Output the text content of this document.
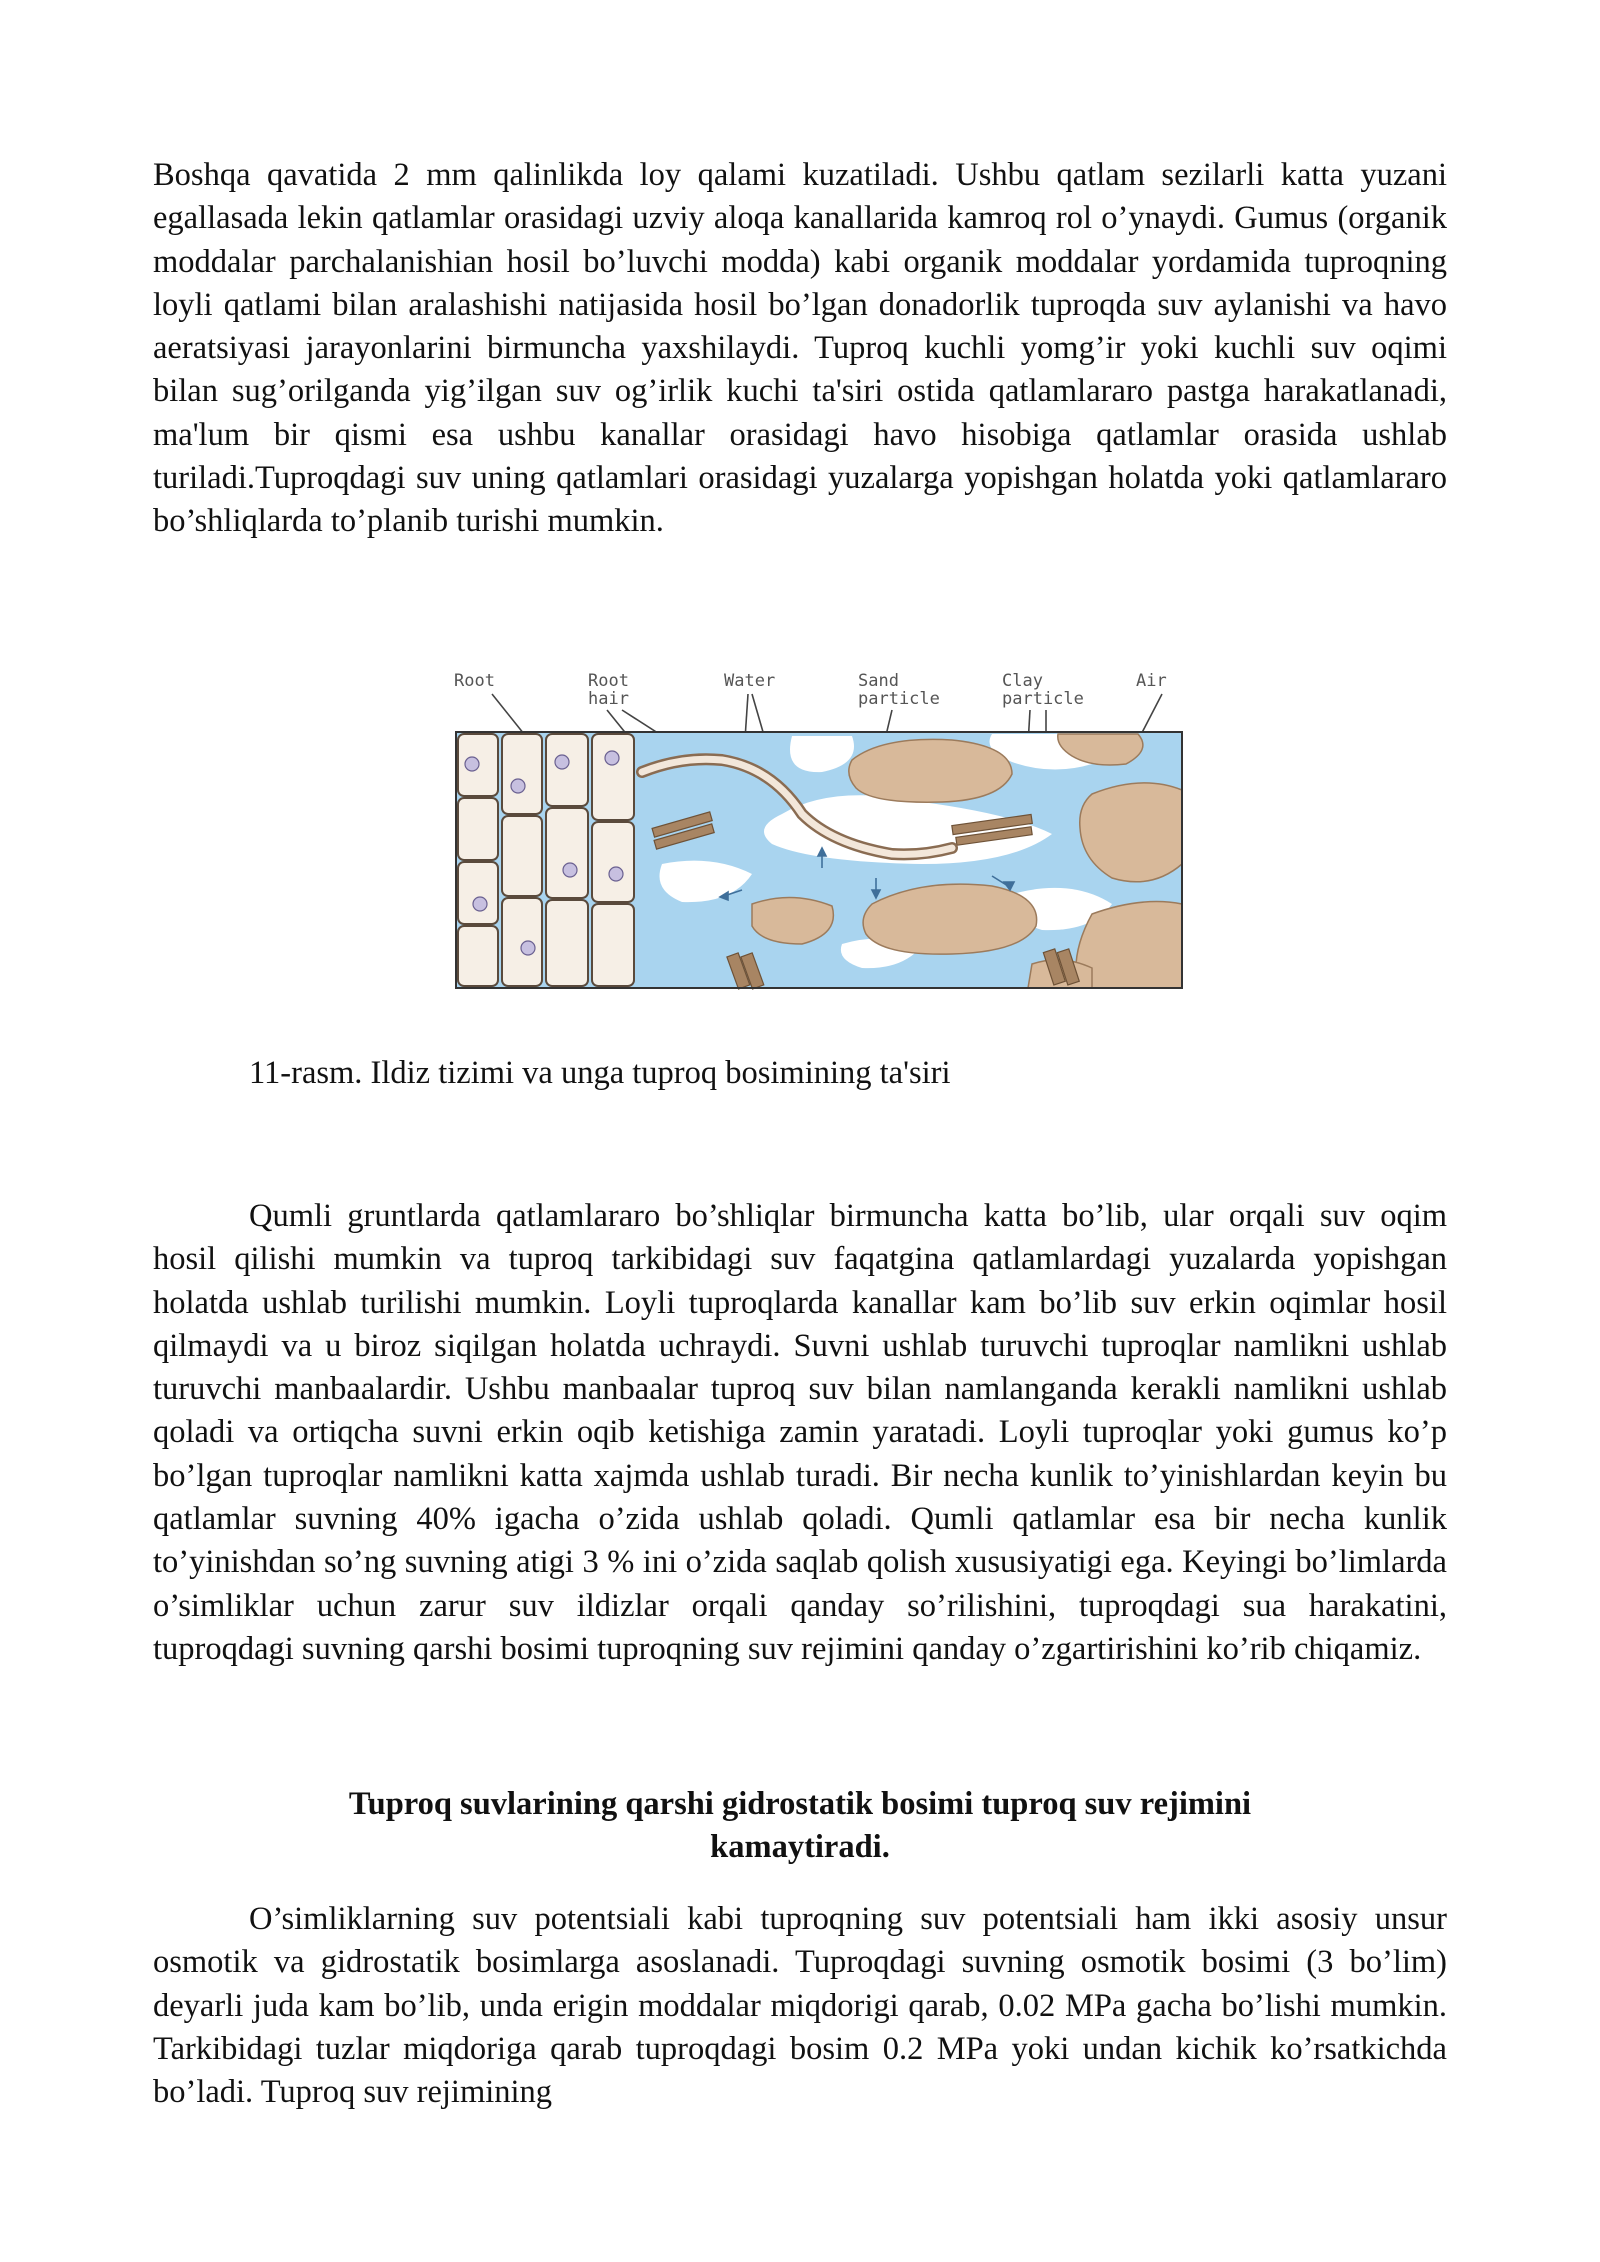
Boshqa qavatida 2 mm qalinlikda loy qalami kuzatiladi. Ushbu qatlam sezilarli katta yuzani egallasada lekin qatlamlar orasidagi uzviy aloqa kanallarida kamroq rol o’ynaydi. Gumus (organik moddalar parchalanishian hosil bo’luvchi modda) kabi organik moddalar yordamida tuproqning loyli qatlami bilan aralashishi natijasida hosil bo’lgan donadorlik tuproqda suv aylanishi va havo aeratsiyasi jarayonlarini birmuncha yaxshilaydi. Tuproq kuchli yomg’ir yoki kuchli suv oqimi bilan sug’orilganda yig’ilgan suv og’irlik kuchi ta'siri ostida qatlamlararo pastga harakatlanadi, ma'lum bir qismi esa ushbu kanallar orasidagi havo hisobiga qatlamlar orasida ushlab turiladi.Tuproqdagi suv uning qatlamlari orasidagi yuzalarga yopishgan holatda yoki qatlamlararo bo’shliqlarda to’planib turishi mumkin.

Root	Root
hair
Water	Sand
particle
Clay
particle
Air

11-rasm. Ildiz tizimi va unga tuproq bosimining ta'siri

Qumli gruntlarda qatlamlararo bo’shliqlar birmuncha katta bo’lib, ular orqali suv oqim hosil qilishi mumkin va tuproq tarkibidagi suv faqatgina qatlamlardagi yuzalarda yopishgan holatda ushlab turilishi mumkin. Loyli tuproqlarda kanallar kam bo’lib suv erkin oqimlar hosil qilmaydi va u biroz siqilgan holatda uchraydi. Suvni ushlab turuvchi tuproqlar namlikni ushlab turuvchi manbaalardir. Ushbu manbaalar tuproq suv bilan namlanganda kerakli namlikni ushlab qoladi va ortiqcha suvni erkin oqib ketishiga zamin yaratadi. Loyli tuproqlar yoki gumus ko’p bo’lgan tuproqlar namlikni katta xajmda ushlab turadi. Bir necha kunlik to’yinishlardan keyin bu qatlamlar suvning 40% igacha o’zida ushlab qoladi. Qumli qatlamlar esa bir necha kunlik to’yinishdan so’ng suvning atigi 3 % ini o’zida saqlab qolish xususiyatigi ega. Keyingi bo’limlarda o’simliklar uchun zarur suv ildizlar orqali qanday so’rilishini, tuproqdagi sua harakatini, tuproqdagi suvning qarshi bosimi tuproqning suv rejimini qanday o’zgartirishini ko’rib chiqamiz.

Tuproq suvlarining qarshi gidrostatik bosimi tuproq suv rejimini
kamaytiradi.

O’simliklarning suv potentsiali kabi tuproqning suv potentsiali ham ikki asosiy unsur osmotik va gidrostatik bosimlarga asoslanadi. Tuproqdagi suvning osmotik bosimi (3 bo’lim) deyarli juda kam bo’lib, unda erigin moddalar miqdorigi qarab, 0.02 MPa gacha bo’lishi mumkin. Tarkibidagi tuzlar miqdoriga qarab tuproqdagi bosim 0.2 MPa yoki undan kichik ko’rsatkichda bo’ladi. Tuproq suv rejimining
